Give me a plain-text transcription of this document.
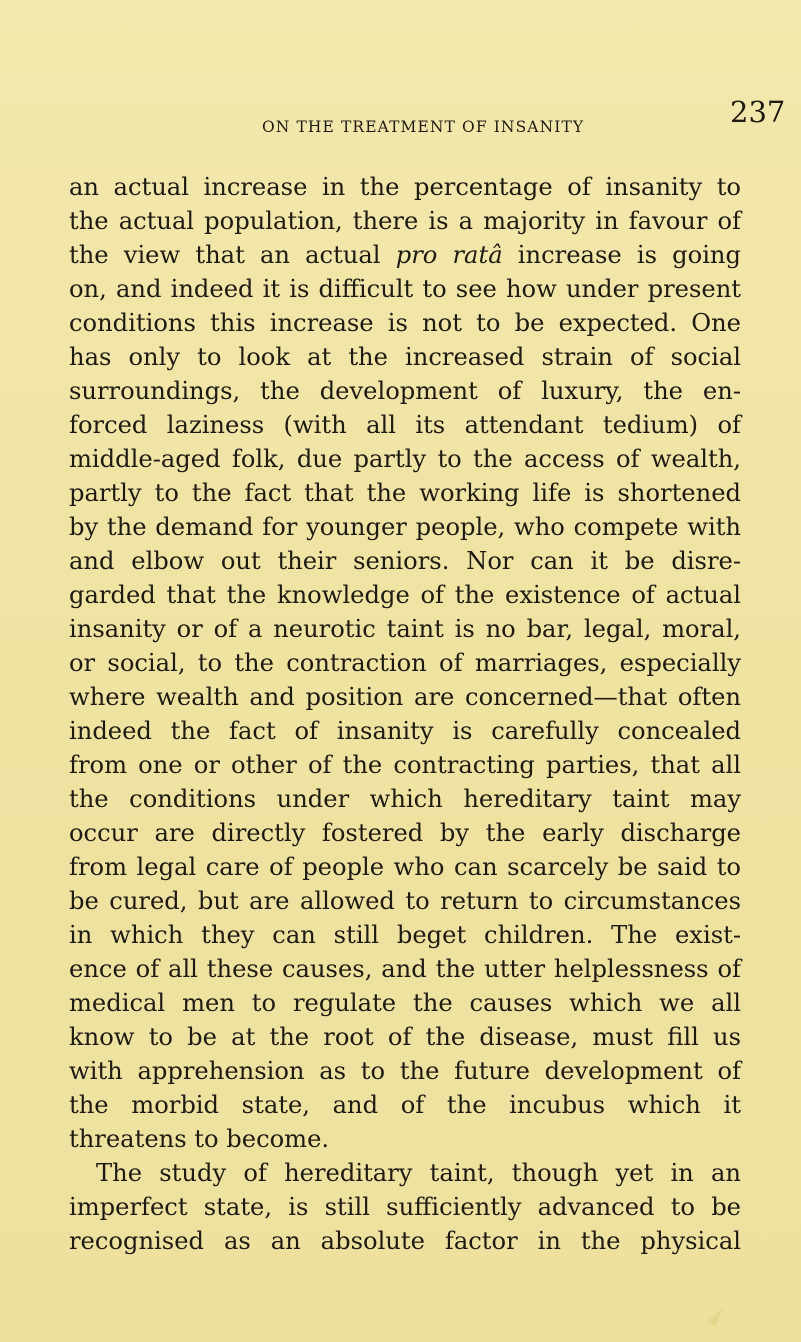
ON THE TREATMENT OF INSANITY	237
an actual increase in the percentage of insanity to
the actual population, there is a majority in favour of
the view that an actual pro ratâ increase is going
on, and indeed it is difficult to see how under present
conditions this increase is not to be expected. One
has only to look at the increased strain of social
surroundings, the development of luxury, the en-
forced laziness (with all its attendant tedium) of
middle-aged folk, due partly to the access of wealth,
partly to the fact that the working life is shortened
by the demand for younger people, who compete with
and elbow out their seniors. Nor can it be disre-
garded that the knowledge of the existence of actual
insanity or of a neurotic taint is no bar, legal, moral,
or social, to the contraction of marriages, especially
where wealth and position are concerned—that often
indeed the fact of insanity is carefully concealed
from one or other of the contracting parties, that all
the conditions under which hereditary taint may
occur are directly fostered by the early discharge
from legal care of people who can scarcely be said to
be cured, but are allowed to return to circumstances
in which they can still beget children. The exist-
ence of all these causes, and the utter helplessness of
medical men to regulate the causes which we all
know to be at the root of the disease, must fill us
with apprehension as to the future development of
the morbid state, and of the incubus which it
threatens to become.
The study of hereditary taint, though yet in an
imperfect state, is still sufficiently advanced to be
recognised as an absolute factor in the physical
